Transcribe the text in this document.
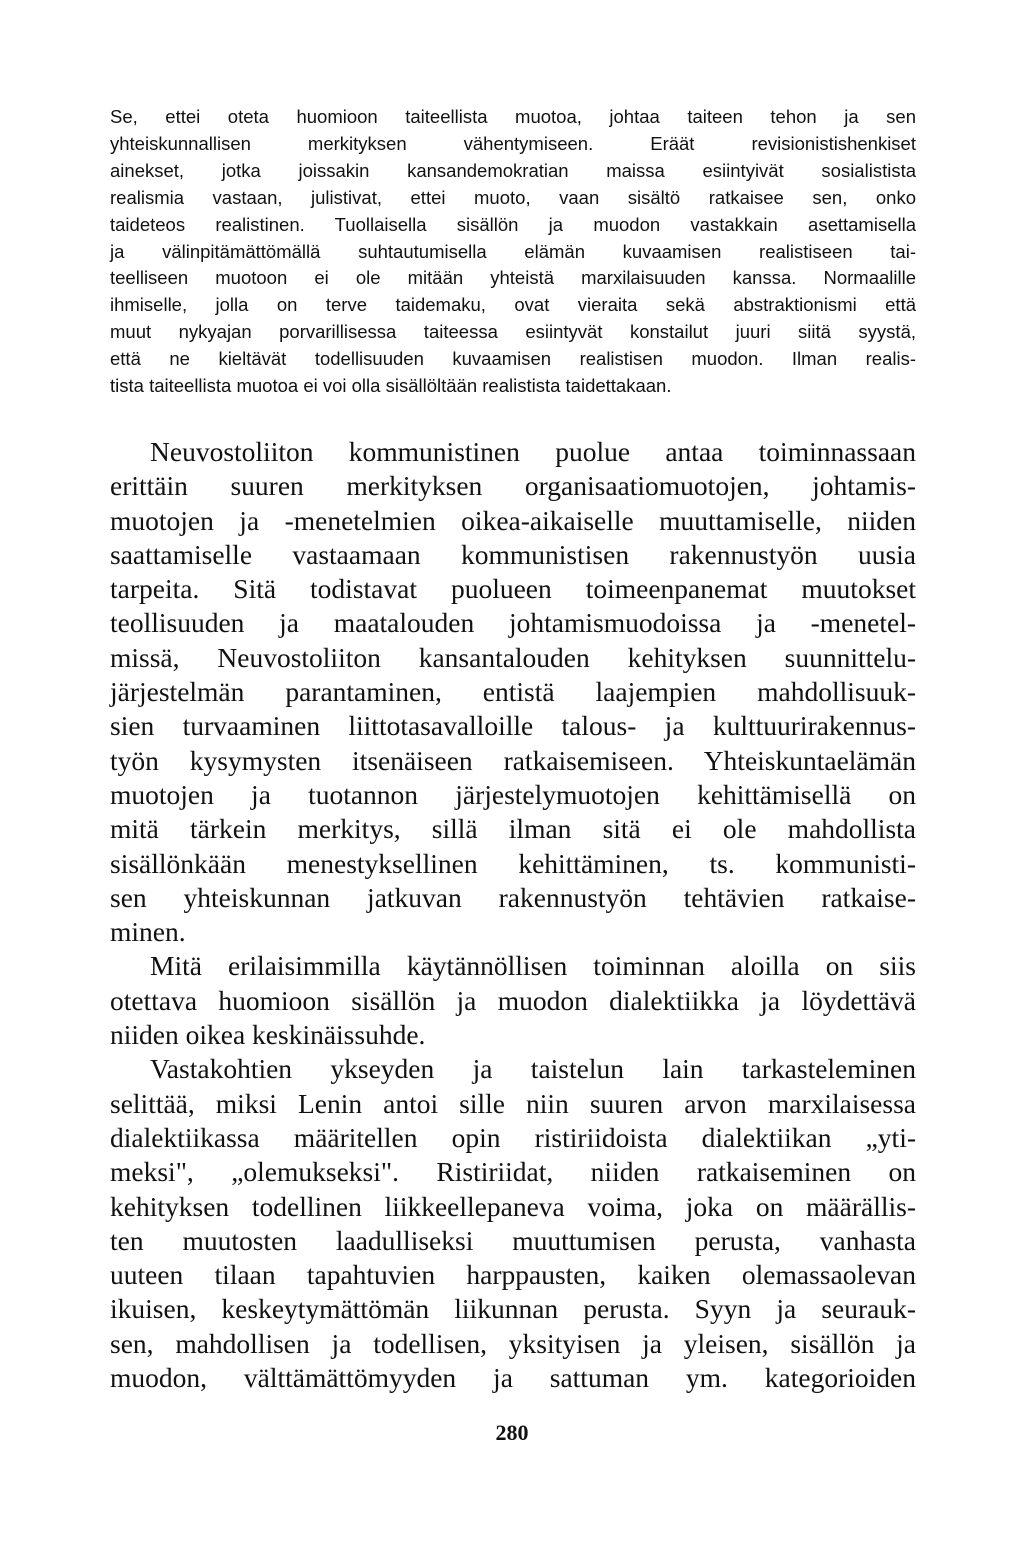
Se, ettei oteta huomioon taiteellista muotoa, johtaa taiteen tehon ja sen
yhteiskunnallisen merkityksen vähentymiseen. Eräät revisionistishenkiset
ainekset, jotka joissakin kansandemokratian maissa esiintyivät sosialistista
realismia vastaan, julistivat, ettei muoto, vaan sisältö ratkaisee sen, onko
taideteos realistinen. Tuollaisella sisällön ja muodon vastakkain asettamisella
ja välinpitämättömällä suhtautumisella elämän kuvaamisen realistiseen tai-
teelliseen muotoon ei ole mitään yhteistä marxilaisuuden kanssa. Normaalille
ihmiselle, jolla on terve taidemaku, ovat vieraita sekä abstraktionismi että
muut nykyajan porvarillisessa taiteessa esiintyvät konstailut juuri siitä syystä,
että ne kieltävät todellisuuden kuvaamisen realistisen muodon. Ilman realis-
tista taiteellista muotoa ei voi olla sisällöltään realistista taidettakaan.

Neuvostoliiton kommunistinen puolue antaa toiminnassaan
erittäin suuren merkityksen organisaatiomuotojen, johtamis-
muotojen ja -menetelmien oikea-aikaiselle muuttamiselle, niiden
saattamiselle vastaamaan kommunistisen rakennustyön uusia
tarpeita. Sitä todistavat puolueen toimeenpanemat muutokset
teollisuuden ja maatalouden johtamismuodoissa ja -menetel-
missä, Neuvostoliiton kansantalouden kehityksen suunnittelu-
järjestelmän parantaminen, entistä laajempien mahdollisuuk-
sien turvaaminen liittotasavalloille talous- ja kulttuurirakennus-
työn kysymysten itsenäiseen ratkaisemiseen. Yhteiskuntaelämän
muotojen ja tuotannon järjestelymuotojen kehittämisellä on
mitä tärkein merkitys, sillä ilman sitä ei ole mahdollista
sisällönkään menestyksellinen kehittäminen, ts. kommunisti-
sen yhteiskunnan jatkuvan rakennustyön tehtävien ratkaise-
minen.

Mitä erilaisimmilla käytännöllisen toiminnan aloilla on siis
otettava huomioon sisällön ja muodon dialektiikka ja löydettävä
niiden oikea keskinäissuhde.

Vastakohtien ykseyden ja taistelun lain tarkasteleminen
selittää, miksi Lenin antoi sille niin suuren arvon marxilaisessa
dialektiikassa määritellen opin ristiriidoista dialektiikan „yti-
meksi", „olemukseksi". Ristiriidat, niiden ratkaiseminen on
kehityksen todellinen liikkeellepaneva voima, joka on määrällis-
ten muutosten laadulliseksi muuttumisen perusta, vanhasta
uuteen tilaan tapahtuvien harppausten, kaiken olemassaolevan
ikuisen, keskeytymättömän liikunnan perusta. Syyn ja seurauk-
sen, mahdollisen ja todellisen, yksityisen ja yleisen, sisällön ja
muodon, välttämättömyyden ja sattuman ym. kategorioiden

280
